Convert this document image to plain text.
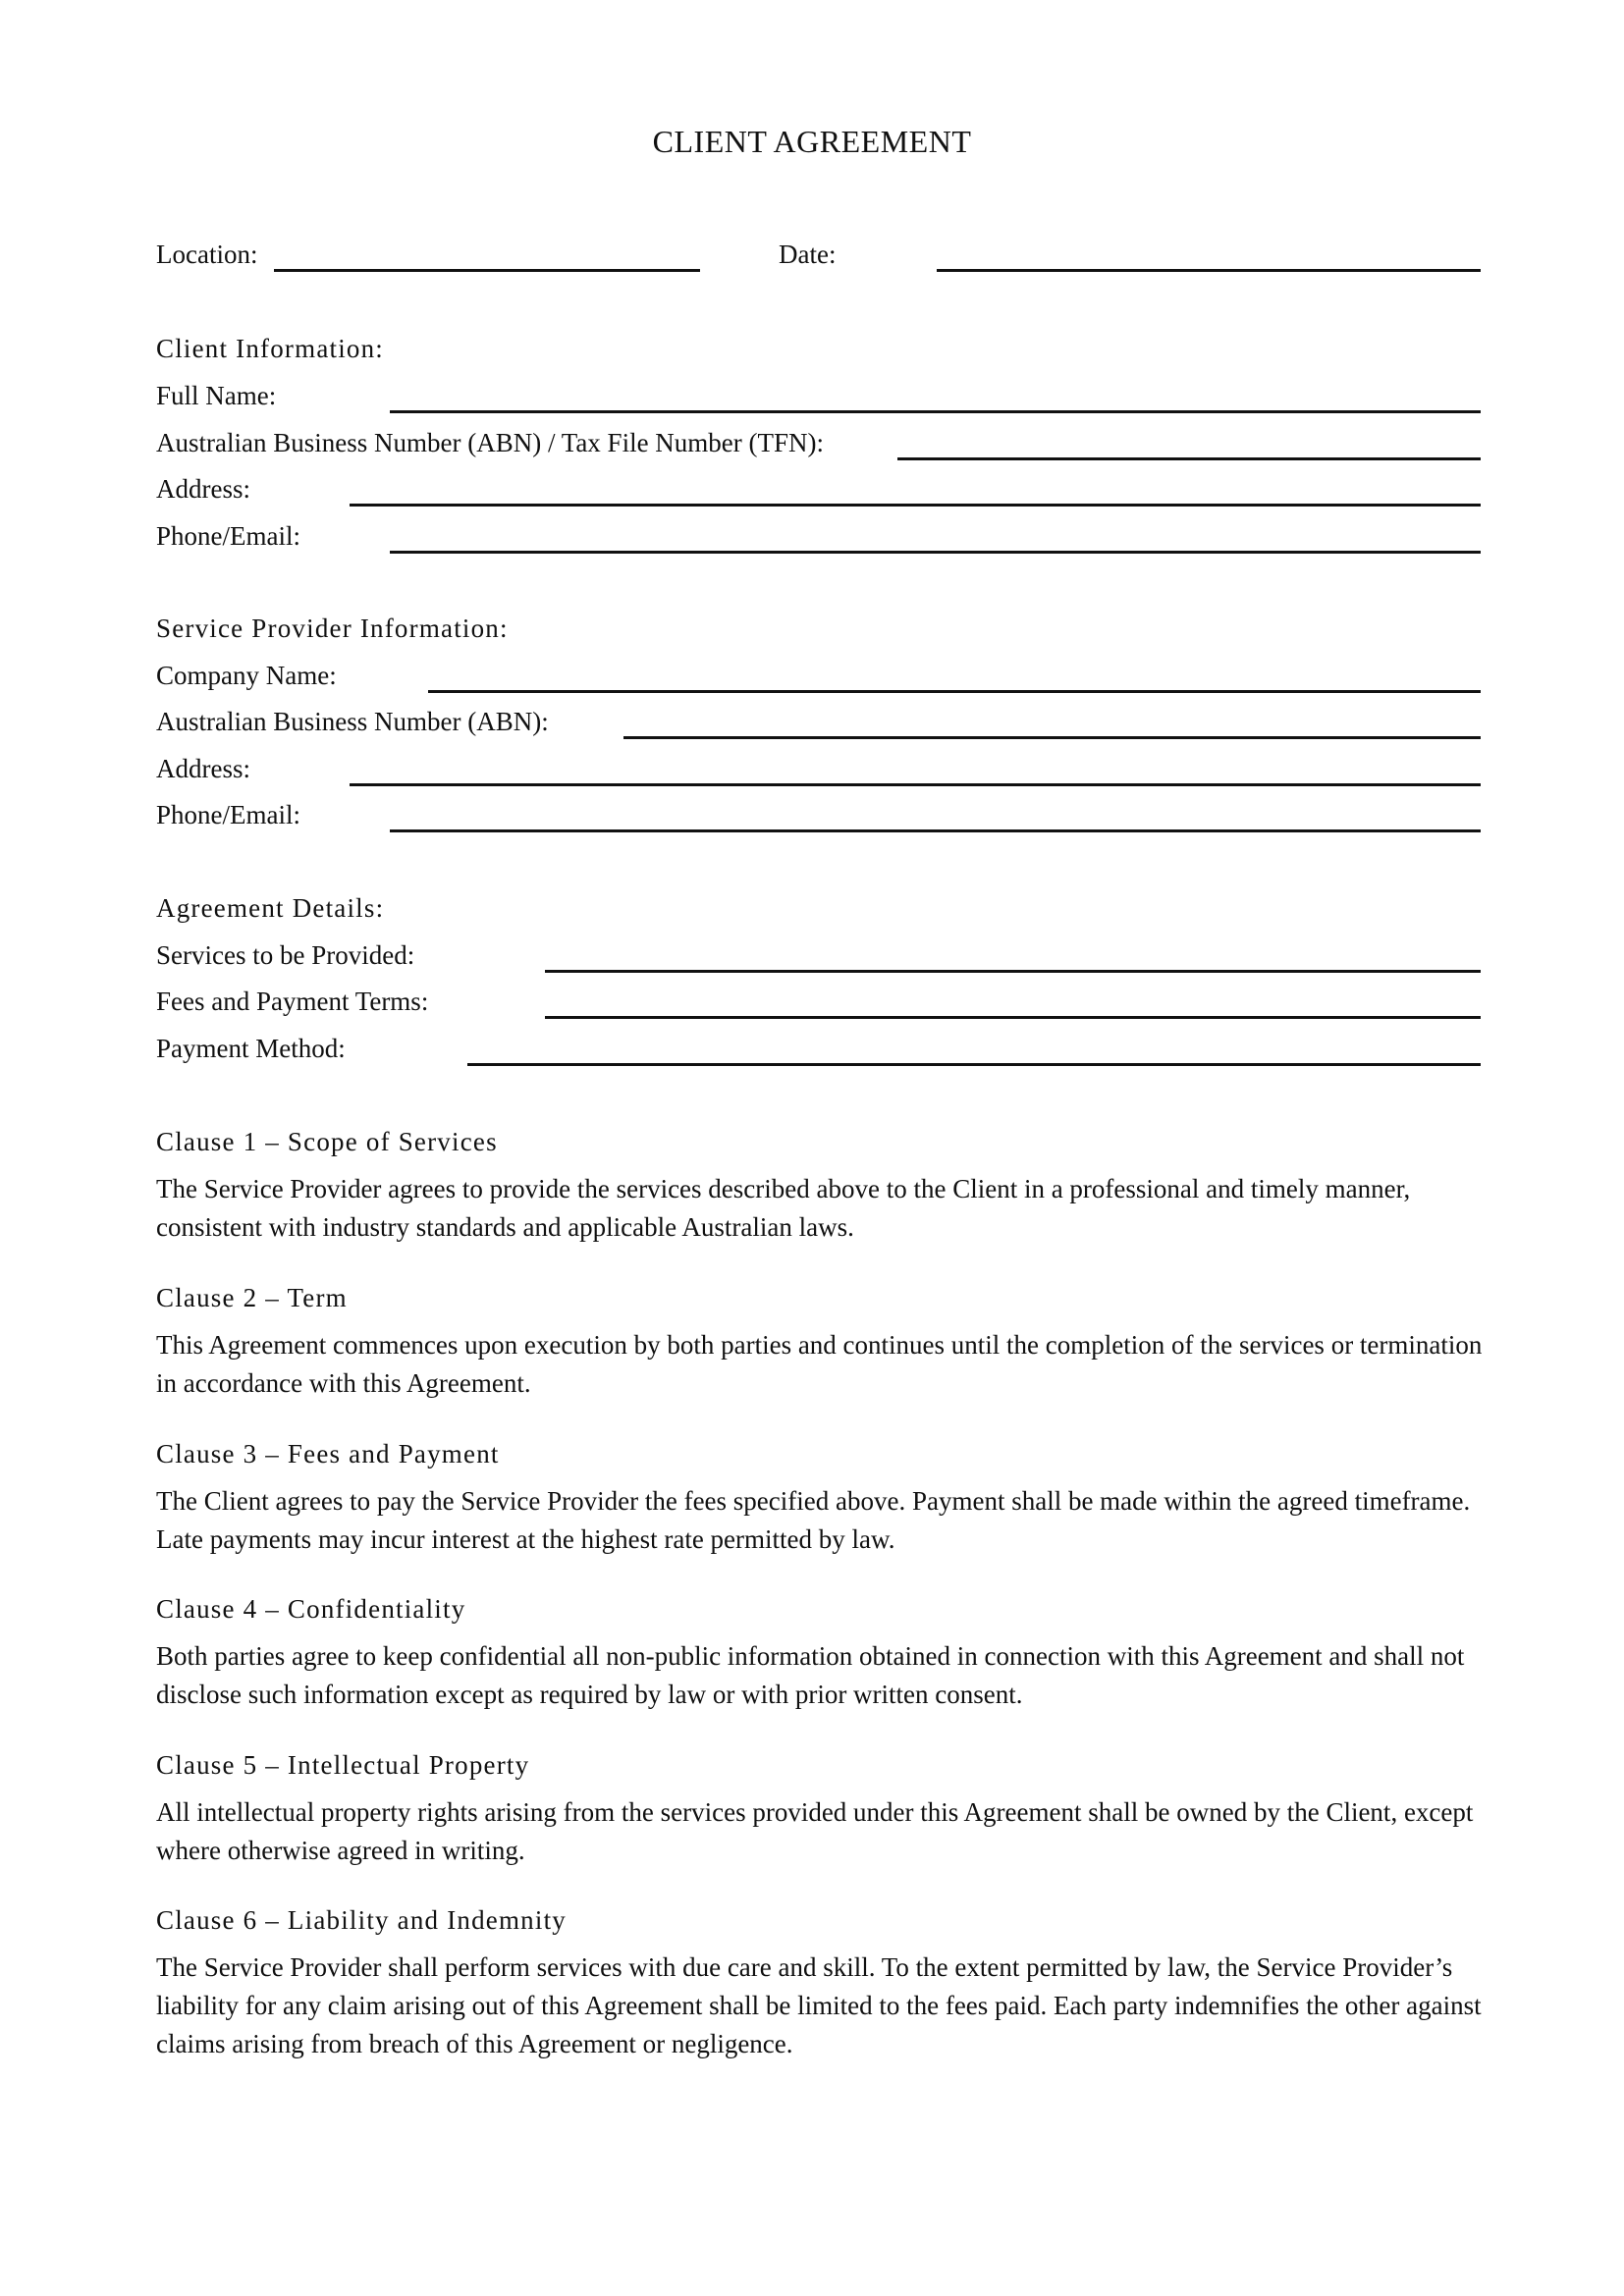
CLIENT AGREEMENT
Location:	Date:
Client Information:
Full Name:
Australian Business Number (ABN) / Tax File Number (TFN):
Address:
Phone/Email:
Service Provider Information:
Company Name:
Australian Business Number (ABN):
Address:
Phone/Email:
Agreement Details:
Services to be Provided:
Fees and Payment Terms:
Payment Method:
Clause 1 – Scope of Services
The Service Provider agrees to provide the services described above to the Client in a professional and timely manner, consistent with industry standards and applicable Australian laws.
Clause 2 – Term
This Agreement commences upon execution by both parties and continues until the completion of the services or termination in accordance with this Agreement.
Clause 3 – Fees and Payment
The Client agrees to pay the Service Provider the fees specified above. Payment shall be made within the agreed timeframe. Late payments may incur interest at the highest rate permitted by law.
Clause 4 – Confidentiality
Both parties agree to keep confidential all non-public information obtained in connection with this Agreement and shall not disclose such information except as required by law or with prior written consent.
Clause 5 – Intellectual Property
All intellectual property rights arising from the services provided under this Agreement shall be owned by the Client, except where otherwise agreed in writing.
Clause 6 – Liability and Indemnity
The Service Provider shall perform services with due care and skill. To the extent permitted by law, the Service Provider’s liability for any claim arising out of this Agreement shall be limited to the fees paid. Each party indemnifies the other against claims arising from breach of this Agreement or negligence.
